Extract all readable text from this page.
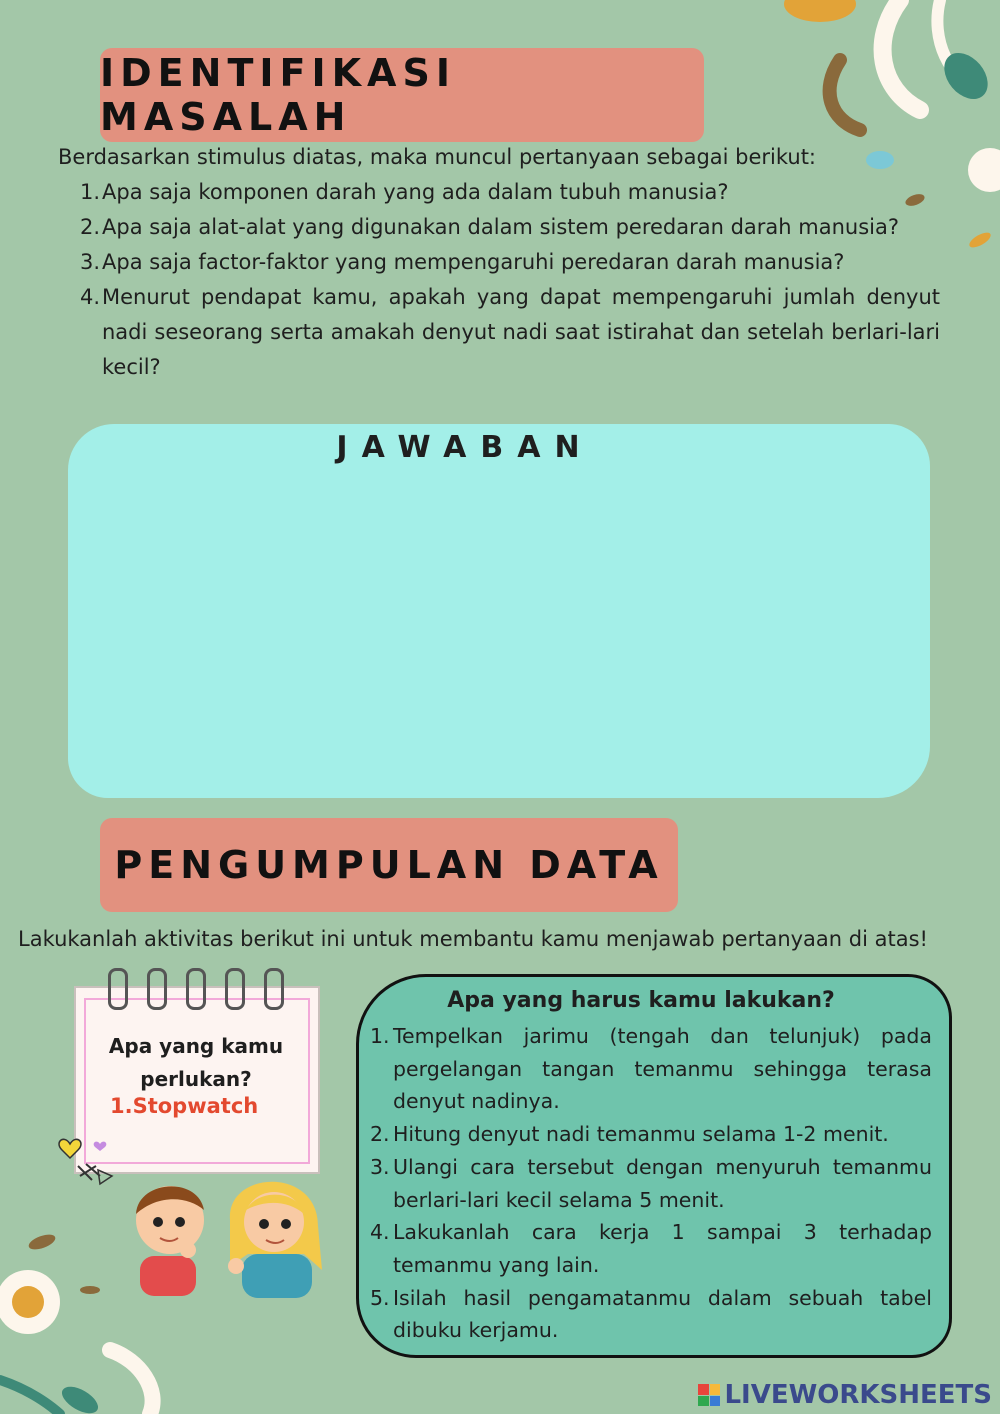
IDENTIFIKASI MASALAH
Berdasarkan stimulus diatas, maka muncul pertanyaan sebagai berikut:
1. Apa saja komponen darah yang ada dalam tubuh manusia?
2. Apa saja alat-alat yang digunakan dalam sistem peredaran darah manusia?
3. Apa saja factor-faktor yang mempengaruhi peredaran darah manusia?
4. Menurut pendapat kamu, apakah yang dapat mempengaruhi jumlah denyut nadi seseorang serta amakah denyut nadi saat istirahat dan setelah berlari-lari kecil?
JAWABAN
PENGUMPULAN DATA
Lakukanlah aktivitas berikut ini untuk membantu kamu menjawab pertanyaan di atas!
Apa yang kamu perlukan?
1.Stopwatch
Apa yang harus kamu lakukan?
1. Tempelkan jarimu (tengah dan telunjuk) pada pergelangan tangan temanmu sehingga terasa denyut nadinya.
2. Hitung denyut nadi temanmu selama 1-2 menit.
3. Ulangi cara tersebut dengan menyuruh temanmu berlari-lari kecil selama 5 menit.
4. Lakukanlah cara kerja 1 sampai 3 terhadap temanmu yang lain.
5. Isilah hasil pengamatanmu dalam sebuah tabel dibuku kerjamu.
LIVEWORKSHEETS
